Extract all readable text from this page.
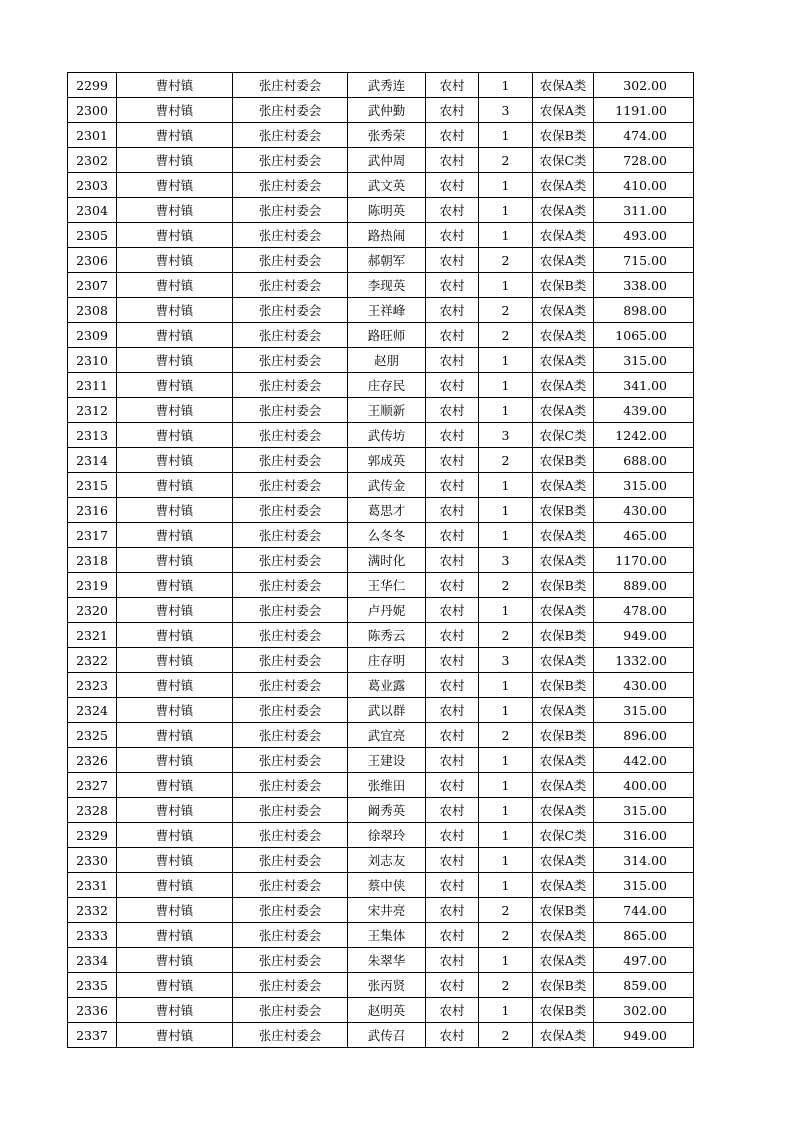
2299	曹村镇	张庄村委会	武秀连	农村	1	农保A类	302.00
2300	曹村镇	张庄村委会	武仲勤	农村	3	农保A类	1191.00
2301	曹村镇	张庄村委会	张秀荣	农村	1	农保B类	474.00
2302	曹村镇	张庄村委会	武仲周	农村	2	农保C类	728.00
2303	曹村镇	张庄村委会	武文英	农村	1	农保A类	410.00
2304	曹村镇	张庄村委会	陈明英	农村	1	农保A类	311.00
2305	曹村镇	张庄村委会	路热闹	农村	1	农保A类	493.00
2306	曹村镇	张庄村委会	郝朝军	农村	2	农保A类	715.00
2307	曹村镇	张庄村委会	李现英	农村	1	农保B类	338.00
2308	曹村镇	张庄村委会	王祥峰	农村	2	农保A类	898.00
2309	曹村镇	张庄村委会	路旺师	农村	2	农保A类	1065.00
2310	曹村镇	张庄村委会	赵朋	农村	1	农保A类	315.00
2311	曹村镇	张庄村委会	庄存民	农村	1	农保A类	341.00
2312	曹村镇	张庄村委会	王顺新	农村	1	农保A类	439.00
2313	曹村镇	张庄村委会	武传坊	农村	3	农保C类	1242.00
2314	曹村镇	张庄村委会	郭成英	农村	2	农保B类	688.00
2315	曹村镇	张庄村委会	武传金	农村	1	农保A类	315.00
2316	曹村镇	张庄村委会	葛思才	农村	1	农保B类	430.00
2317	曹村镇	张庄村委会	么冬冬	农村	1	农保A类	465.00
2318	曹村镇	张庄村委会	满时化	农村	3	农保A类	1170.00
2319	曹村镇	张庄村委会	王华仁	农村	2	农保B类	889.00
2320	曹村镇	张庄村委会	卢丹妮	农村	1	农保A类	478.00
2321	曹村镇	张庄村委会	陈秀云	农村	2	农保B类	949.00
2322	曹村镇	张庄村委会	庄存明	农村	3	农保A类	1332.00
2323	曹村镇	张庄村委会	葛业露	农村	1	农保B类	430.00
2324	曹村镇	张庄村委会	武以群	农村	1	农保A类	315.00
2325	曹村镇	张庄村委会	武宜亮	农村	2	农保B类	896.00
2326	曹村镇	张庄村委会	王建设	农村	1	农保A类	442.00
2327	曹村镇	张庄村委会	张维田	农村	1	农保A类	400.00
2328	曹村镇	张庄村委会	阚秀英	农村	1	农保A类	315.00
2329	曹村镇	张庄村委会	徐翠玲	农村	1	农保C类	316.00
2330	曹村镇	张庄村委会	刘志友	农村	1	农保A类	314.00
2331	曹村镇	张庄村委会	蔡中侠	农村	1	农保A类	315.00
2332	曹村镇	张庄村委会	宋井亮	农村	2	农保B类	744.00
2333	曹村镇	张庄村委会	王集体	农村	2	农保A类	865.00
2334	曹村镇	张庄村委会	朱翠华	农村	1	农保A类	497.00
2335	曹村镇	张庄村委会	张丙贤	农村	2	农保B类	859.00
2336	曹村镇	张庄村委会	赵明英	农村	1	农保B类	302.00
2337	曹村镇	张庄村委会	武传召	农村	2	农保A类	949.00
